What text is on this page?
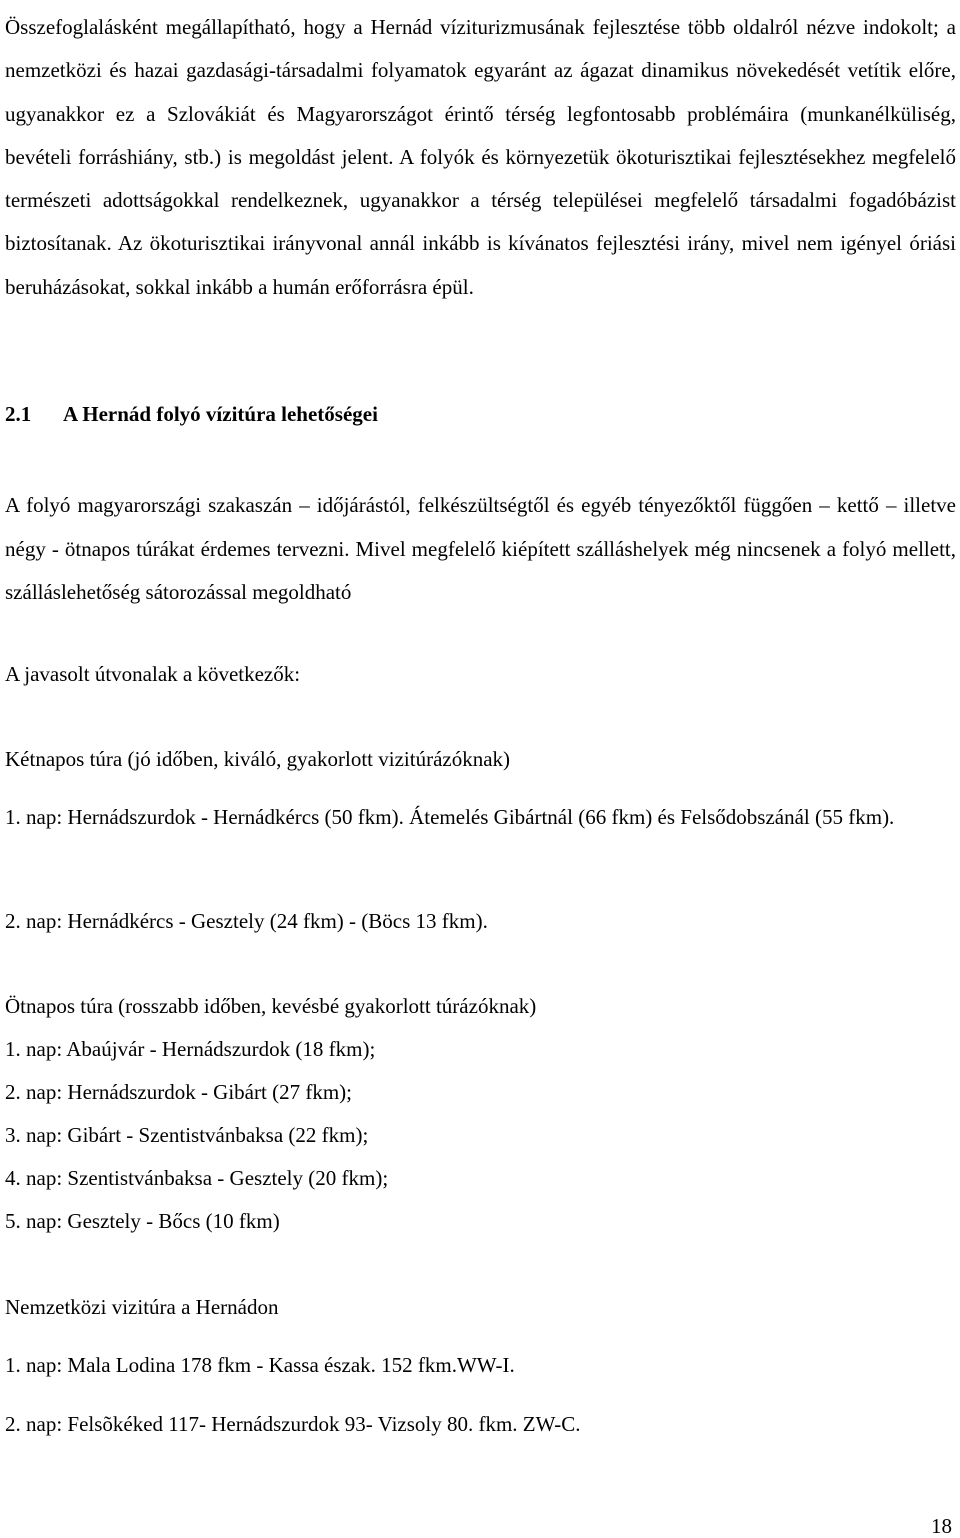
Összefoglalásként megállapítható, hogy a Hernád víziturizmusának fejlesztése több oldalról nézve indokolt; a nemzetközi és hazai gazdasági-társadalmi folyamatok egyaránt az ágazat dinamikus növekedését vetítik előre, ugyanakkor ez a Szlovákiát és Magyarországot érintő térség legfontosabb problémáira (munkanélküliség, bevételi forráshiány, stb.) is megoldást jelent. A folyók és környezetük ökoturisztikai fejlesztésekhez megfelelő természeti adottságokkal rendelkeznek, ugyanakkor a térség települései megfelelő társadalmi fogadóbázist biztosítanak. Az ökoturisztikai irányvonal annál inkább is kívánatos fejlesztési irány, mivel nem igényel óriási beruházásokat, sokkal inkább a humán erőforrásra épül.

2.1 A Hernád folyó vízitúra lehetőségei

A folyó magyarországi szakaszán – időjárástól, felkészültségtől és egyéb tényezőktől függően – kettő – illetve négy - ötnapos túrákat érdemes tervezni. Mivel megfelelő kiépített szálláshelyek még nincsenek a folyó mellett, szálláslehetőség sátorozással megoldható

A javasolt útvonalak a következők:

Kétnapos túra (jó időben, kiváló, gyakorlott vizitúrázóknak)

1. nap: Hernádszurdok - Hernádkércs (50 fkm). Átemelés Gibártnál (66 fkm) és Felsődobszánál (55 fkm).

2. nap: Hernádkércs - Gesztely (24 fkm) - (Böcs 13 fkm).

Ötnapos túra (rosszabb időben, kevésbé gyakorlott túrázóknak)

1. nap: Abaújvár - Hernádszurdok (18 fkm);

2. nap: Hernádszurdok - Gibárt (27 fkm);

3. nap: Gibárt - Szentistvánbaksa (22 fkm);

4. nap: Szentistvánbaksa - Gesztely (20 fkm);

5. nap: Gesztely - Bőcs (10 fkm)

Nemzetközi vizitúra a Hernádon

1. nap: Mala Lodina 178 fkm - Kassa észak. 152 fkm.WW-I.

2. nap: Felsõkéked 117- Hernádszurdok 93- Vizsoly 80. fkm. ZW-C.

18
